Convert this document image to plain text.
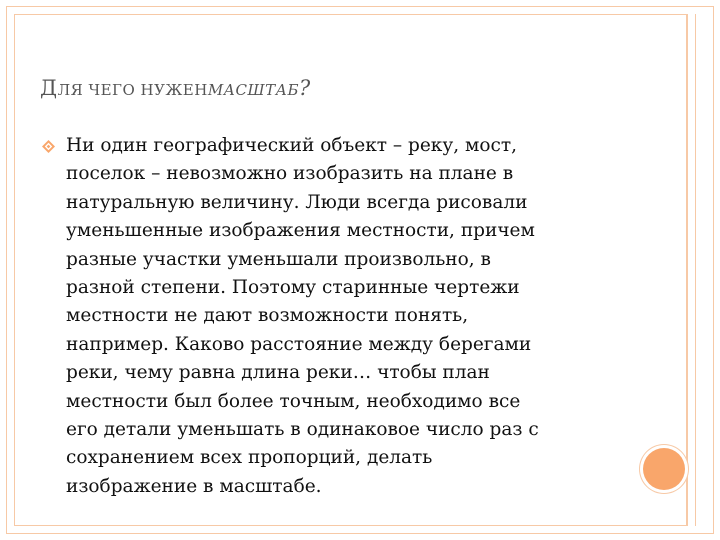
ДЛЯ ЧЕГО НУЖЕНМАСШТАБ?
Ни один географический объект – реку, мост,
поселок – невозможно изобразить на плане в
натуральную величину. Люди всегда рисовали
уменьшенные изображения местности, причем
разные участки уменьшали произвольно, в
разной степени. Поэтому старинные чертежи
местности не дают возможности понять,
например. Каково расстояние между берегами
реки, чему равна длина реки… чтобы план
местности был более точным, необходимо все
его детали уменьшать в одинаковое число раз с
сохранением всех пропорций, делать
изображение в масштабе.
